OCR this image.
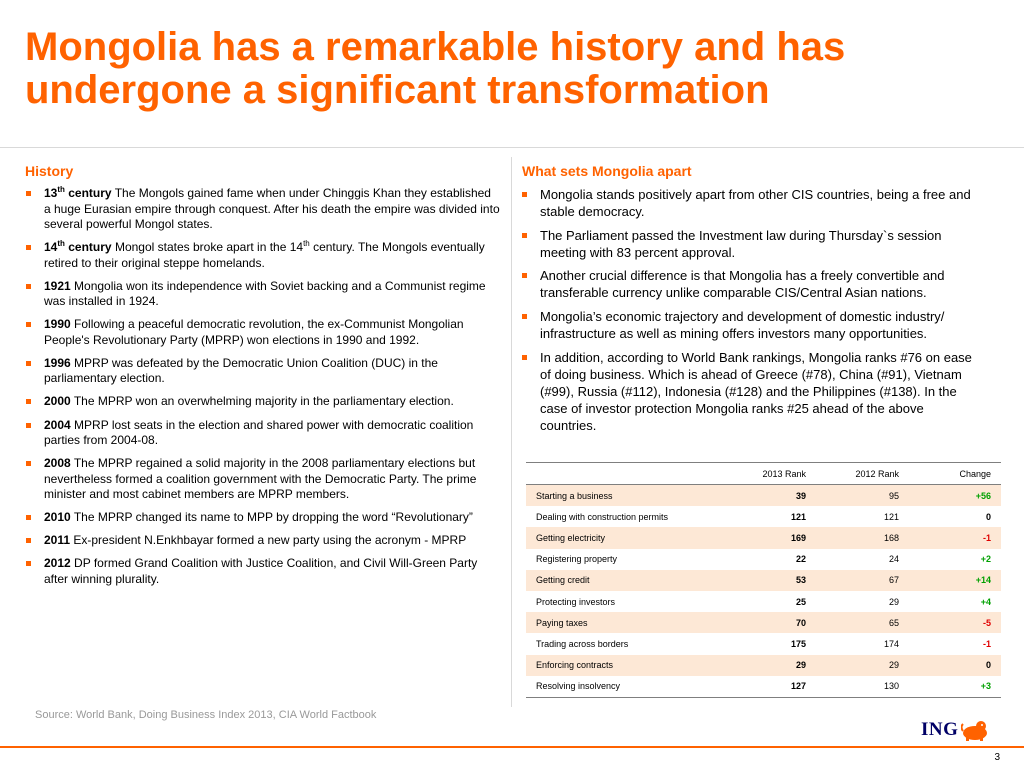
Mongolia has a remarkable history and has undergone a significant transformation
History
13th century The Mongols gained fame when under Chinggis Khan they established a huge Eurasian empire through conquest. After his death the empire was divided into several powerful Mongol states.
14th century Mongol states broke apart in the 14th century. The Mongols eventually retired to their original steppe homelands.
1921 Mongolia won its independence with Soviet backing and a Communist regime was installed in 1924.
1990 Following a peaceful democratic revolution, the ex-Communist Mongolian People's Revolutionary Party (MPRP) won elections in 1990 and 1992.
1996 MPRP was defeated by the Democratic Union Coalition (DUC) in the parliamentary election.
2000 The MPRP won an overwhelming majority in the parliamentary election.
2004 MPRP lost seats in the election and shared power with democratic coalition parties from 2004-08.
2008 The MPRP regained a solid majority in the 2008 parliamentary elections but nevertheless formed a coalition government with the Democratic Party. The prime minister and most cabinet members are MPRP members.
2010 The MPRP changed its name to MPP by dropping the word “Revolutionary”
2011 Ex-president N.Enkhbayar formed a new party using the acronym - MPRP
2012 DP formed Grand Coalition with Justice Coalition, and Civil Will-Green Party after winning plurality.
What sets Mongolia apart
Mongolia stands positively apart from other CIS countries, being a free and stable democracy.
The Parliament passed the Investment law during Thursday`s session meeting with 83 percent approval.
Another crucial difference is that Mongolia has a freely convertible and transferable currency unlike comparable CIS/Central Asian nations.
Mongolia’s economic trajectory and development of domestic industry/ infrastructure as well as mining offers investors many opportunities.
In addition, according to World Bank rankings, Mongolia ranks #76 on ease of doing business. Which is ahead of Greece (#78), China (#91), Vietnam (#99), Russia (#112), Indonesia (#128) and the Philippines (#138). In the case of investor protection Mongolia ranks #25 ahead of the above countries.
	2013 Rank	2012 Rank	Change
Starting a business	39	95	+56
Dealing with construction permits	121	121	0
Getting electricity	169	168	-1
Registering property	22	24	+2
Getting credit	53	67	+14
Protecting investors	25	29	+4
Paying taxes	70	65	-5
Trading across borders	175	174	-1
Enforcing contracts	29	29	0
Resolving insolvency	127	130	+3
Source: World Bank, Doing Business Index 2013, CIA World Factbook
ING
3
